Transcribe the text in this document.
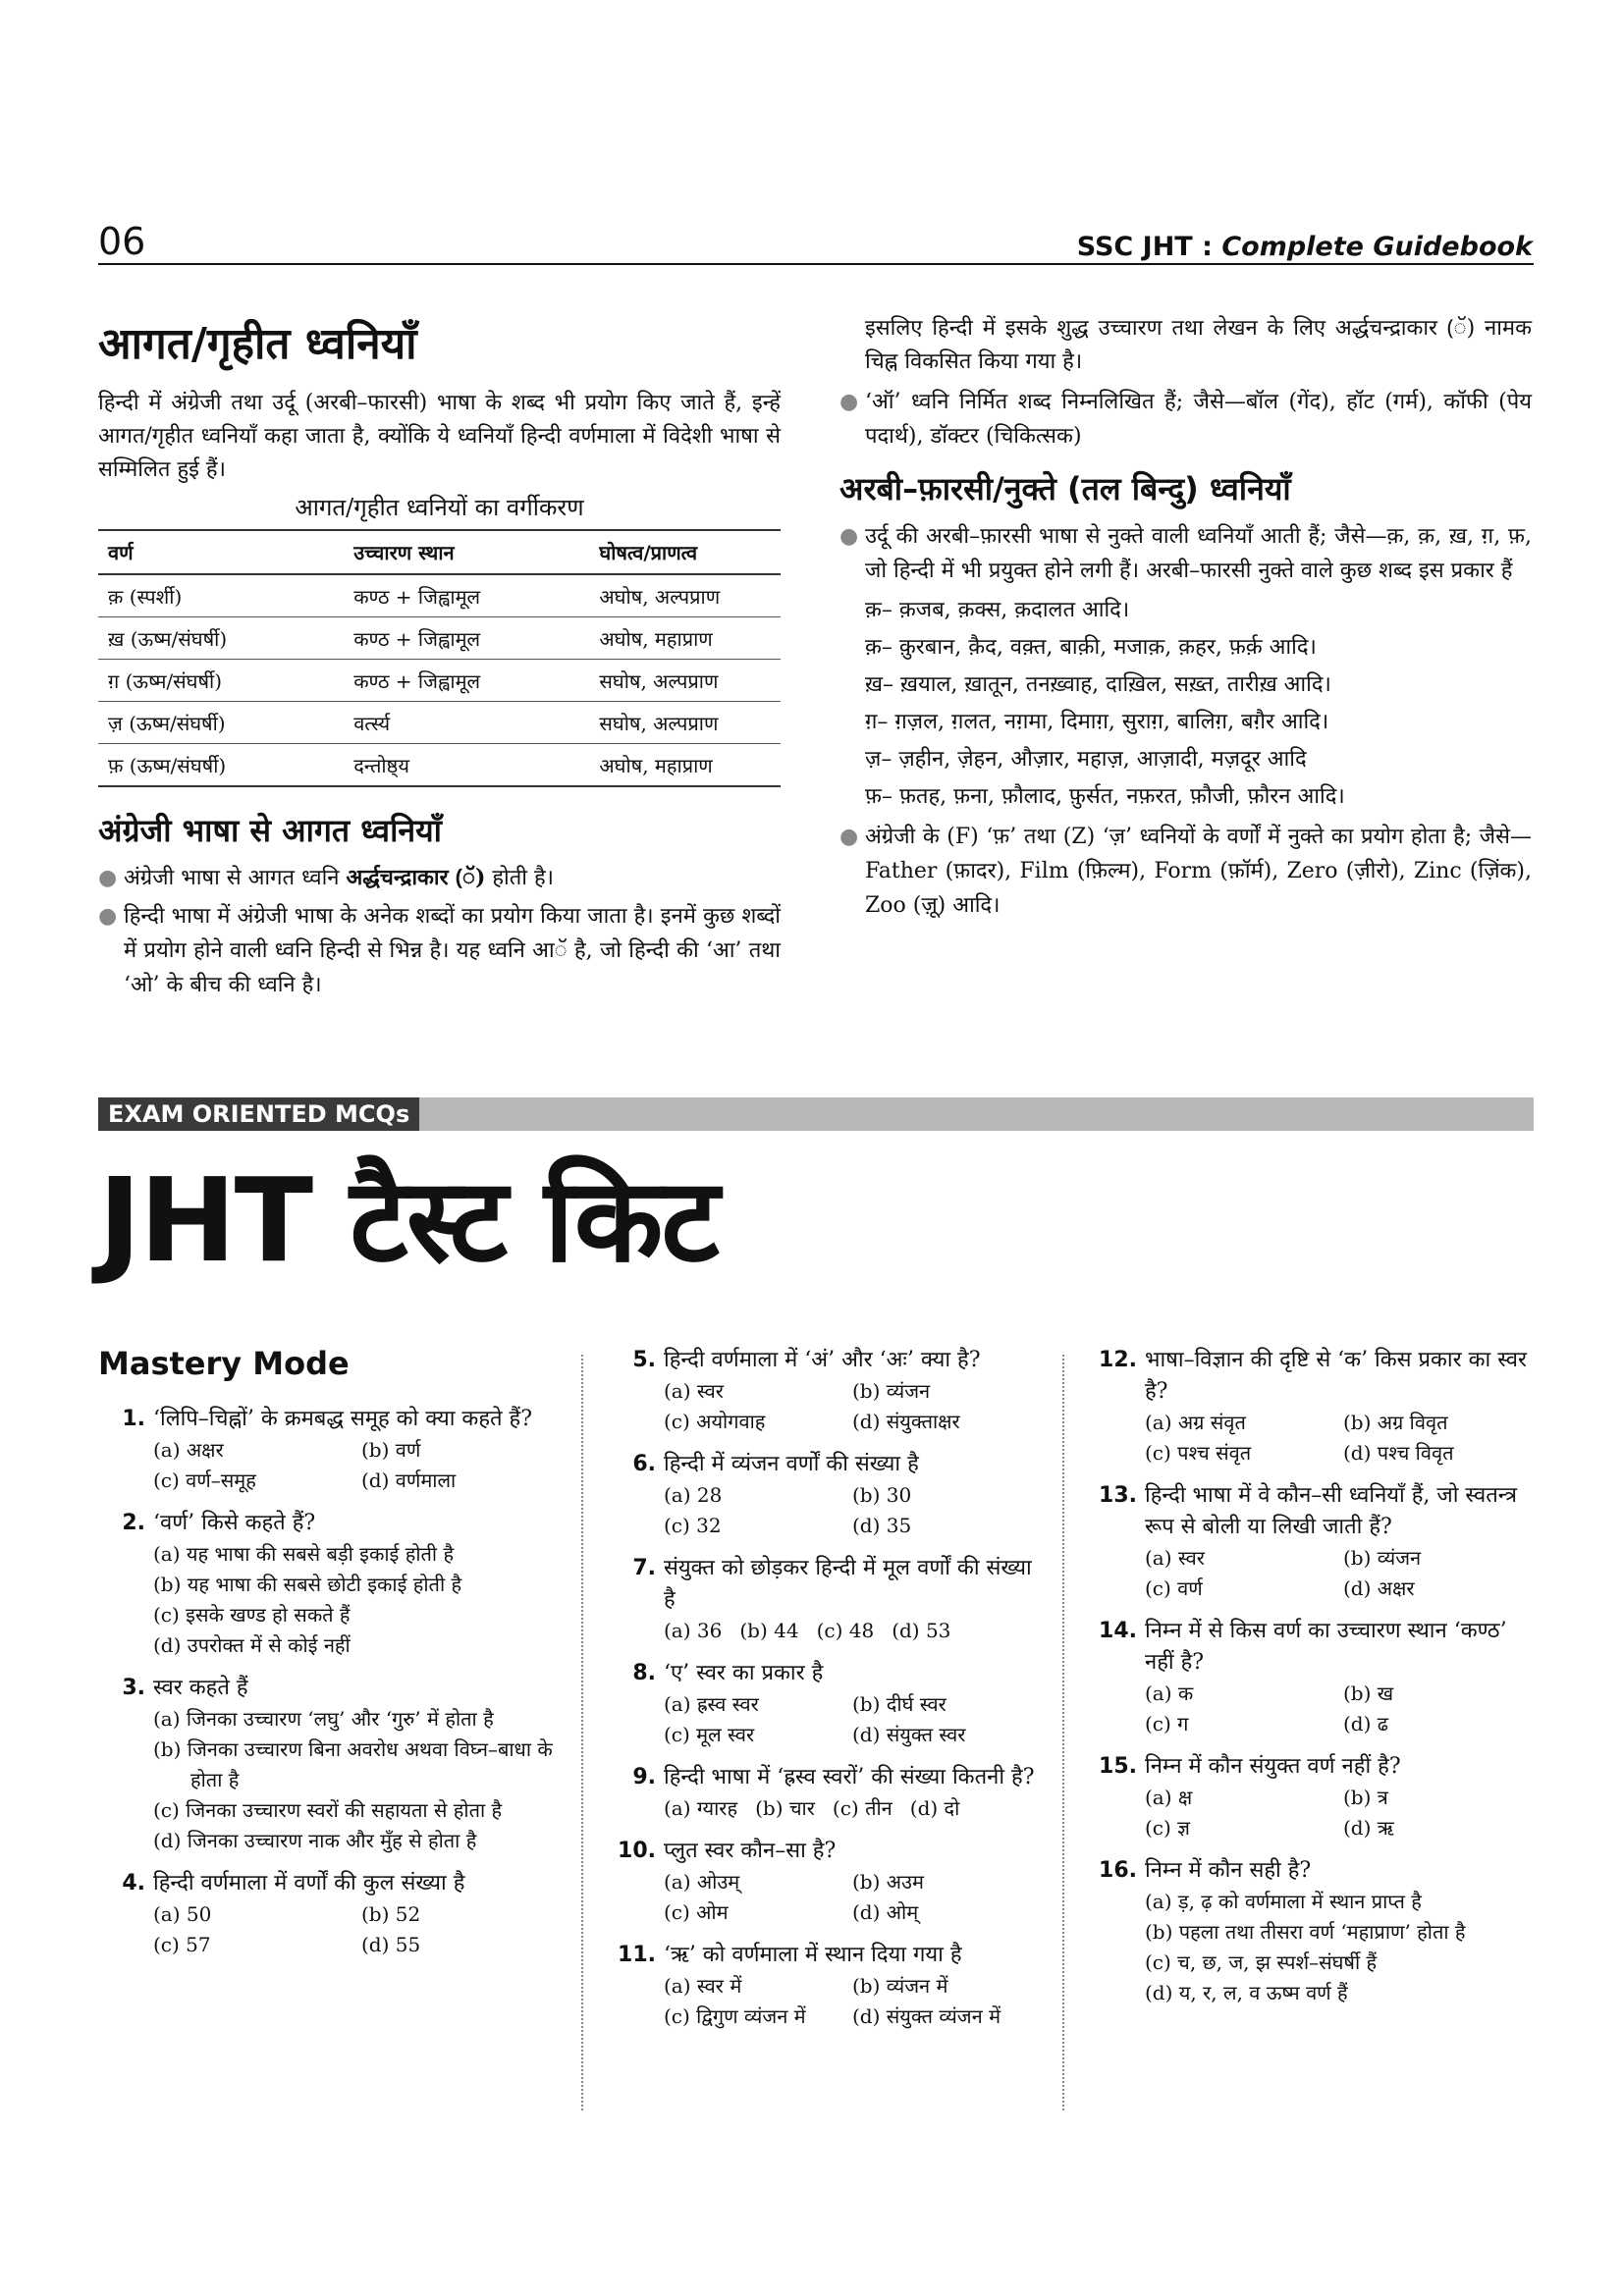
06	SSC JHT : Complete Guidebook
आगत/गृहीत ध्वनियाँ

हिन्दी में अंग्रेजी तथा उर्दू (अरबी–फारसी) भाषा के शब्द भी प्रयोग किए जाते हैं, इन्हें आगत/गृहीत ध्वनियाँ कहा जाता है, क्योंकि ये ध्वनियाँ हिन्दी वर्णमाला में विदेशी भाषा से सम्मिलित हुई हैं।

आगत/गृहीत ध्वनियों का वर्गीकरण
वर्ण	उच्चारण स्थान	घोषत्व/प्राणत्व
क़ (स्पर्शी)	कण्ठ + जिह्वामूल	अघोष, अल्पप्राण
ख़ (ऊष्म/संघर्षी)	कण्ठ + जिह्वामूल	अघोष, महाप्राण
ग़ (ऊष्म/संघर्षी)	कण्ठ + जिह्वामूल	सघोष, अल्पप्राण
ज़ (ऊष्म/संघर्षी)	वर्त्स्य	सघोष, अल्पप्राण
फ़ (ऊष्म/संघर्षी)	दन्तोष्ठ्य	अघोष, महाप्राण
अंग्रेजी भाषा से आगत ध्वनियाँ
● अंग्रेजी भाषा से आगत ध्वनि अर्द्धचन्द्राकार (ॅ) होती है।
● हिन्दी भाषा में अंग्रेजी भाषा के अनेक शब्दों का प्रयोग किया जाता है। इनमें कुछ शब्दों में प्रयोग होने वाली ध्वनि हिन्दी से भिन्न है। यह ध्वनि आॅ है, जो हिन्दी की ‘आ’ तथा ‘ओ’ के बीच की ध्वनि है।

इसलिए हिन्दी में इसके शुद्ध उच्चारण तथा लेखन के लिए अर्द्धचन्द्राकार (ॅ) नामक चिह्न विकसित किया गया है।

● ‘ऑ’ ध्वनि निर्मित शब्द निम्नलिखित हैं; जैसे—बॉल (गेंद), हॉट (गर्म), कॉफी (पेय पदार्थ), डॉक्टर (चिकित्सक)
अरबी–फ़ारसी/नुक्ते (तल बिन्दु) ध्वनियाँ
● उर्दू की अरबी–फ़ारसी भाषा से नुक्ते वाली ध्वनियाँ आती हैं; जैसे—क़, क़, ख़, ग़, फ़, जो हिन्दी में भी प्रयुक्त होने लगी हैं। अरबी–फारसी नुक्ते वाले कुछ शब्द इस प्रकार हैं
क़– क़जब, क़क्स, क़दालत आदि।
क़– क़ुरबान, क़ैद, वक़्त, बाक़ी, मजाक़, क़हर, फ़र्क़ आदि।
ख़– ख़याल, ख़ातून, तनख़्वाह, दाख़िल, सख़्त, तारीख़ आदि।
ग़– ग़ज़ल, ग़लत, नग़मा, दिमाग़, सुराग़, बालिग़, बग़ैर आदि।
ज़– ज़हीन, ज़ेहन, औज़ार, महाज़, आज़ादी, मज़दूर आदि
फ़– फ़तह, फ़ना, फ़ौलाद, फ़ुर्सत, नफ़रत, फ़ौजी, फ़ौरन आदि।
● अंग्रेजी के (F) ‘फ़’ तथा (Z) ‘ज़’ ध्वनियों के वर्णों में नुक्ते का प्रयोग होता है; जैसे—Father (फ़ादर), Film (फ़िल्म), Form (फ़ॉर्म), Zero (ज़ीरो), Zinc (ज़िंक), Zoo (ज़ू) आदि।
EXAM ORIENTED MCQs
JHT टैस्ट किट
Mastery Mode
1. ‘लिपि–चिह्नों’ के क्रमबद्ध समूह को क्या कहते हैं?
(a) अक्षर	(b) वर्ण
(c) वर्ण–समूह	(d) वर्णमाला
2. ‘वर्ण’ किसे कहते हैं?
(a) यह भाषा की सबसे बड़ी इकाई होती है
(b) यह भाषा की सबसे छोटी इकाई होती है
(c) इसके खण्ड हो सकते हैं
(d) उपरोक्त में से कोई नहीं
3. स्वर कहते हैं
(a) जिनका उच्चारण ‘लघु’ और ‘गुरु’ में होता है
(b) जिनका उच्चारण बिना अवरोध अथवा विघ्न–बाधा के होता है
(c) जिनका उच्चारण स्वरों की सहायता से होता है
(d) जिनका उच्चारण नाक और मुँह से होता है
4. हिन्दी वर्णमाला में वर्णों की कुल संख्या है
(a) 50	(b) 52
(c) 57	(d) 55
5. हिन्दी वर्णमाला में ‘अं’ और ‘अः’ क्या है?
(a) स्वर	(b) व्यंजन
(c) अयोगवाह	(d) संयुक्ताक्षर
6. हिन्दी में व्यंजन वर्णों की संख्या है
(a) 28	(b) 30
(c) 32	(d) 35
7. संयुक्त को छोड़कर हिन्दी में मूल वर्णों की संख्या है
(a) 36 (b) 44 (c) 48 (d) 53
8. ‘ए’ स्वर का प्रकार है
(a) ह्रस्व स्वर	(b) दीर्घ स्वर
(c) मूल स्वर	(d) संयुक्त स्वर
9. हिन्दी भाषा में ‘ह्रस्व स्वरों’ की संख्या कितनी है?
(a) ग्यारह (b) चार (c) तीन (d) दो
10. प्लुत स्वर कौन–सा है?
(a) ओउम्	(b) अउम
(c) ओम	(d) ओम्
11. ‘ऋ’ को वर्णमाला में स्थान दिया गया है
(a) स्वर में	(b) व्यंजन में
(c) द्विगुण व्यंजन में	(d) संयुक्त व्यंजन में
12. भाषा–विज्ञान की दृष्टि से ‘क’ किस प्रकार का स्वर है?
(a) अग्र संवृत	(b) अग्र विवृत
(c) पश्च संवृत	(d) पश्च विवृत
13. हिन्दी भाषा में वे कौन–सी ध्वनियाँ हैं, जो स्वतन्त्र रूप से बोली या लिखी जाती हैं?
(a) स्वर	(b) व्यंजन
(c) वर्ण	(d) अक्षर
14. निम्न में से किस वर्ण का उच्चारण स्थान ‘कण्ठ’ नहीं है?
(a) क	(b) ख
(c) ग	(d) ढ
15. निम्न में कौन संयुक्त वर्ण नहीं है?
(a) क्ष	(b) त्र
(c) ज्ञ	(d) ऋ
16. निम्न में कौन सही है?
(a) ड़, ढ़ को वर्णमाला में स्थान प्राप्त है
(b) पहला तथा तीसरा वर्ण ‘महाप्राण’ होता है
(c) च, छ, ज, झ स्पर्श–संघर्षी हैं
(d) य, र, ल, व ऊष्म वर्ण हैं
